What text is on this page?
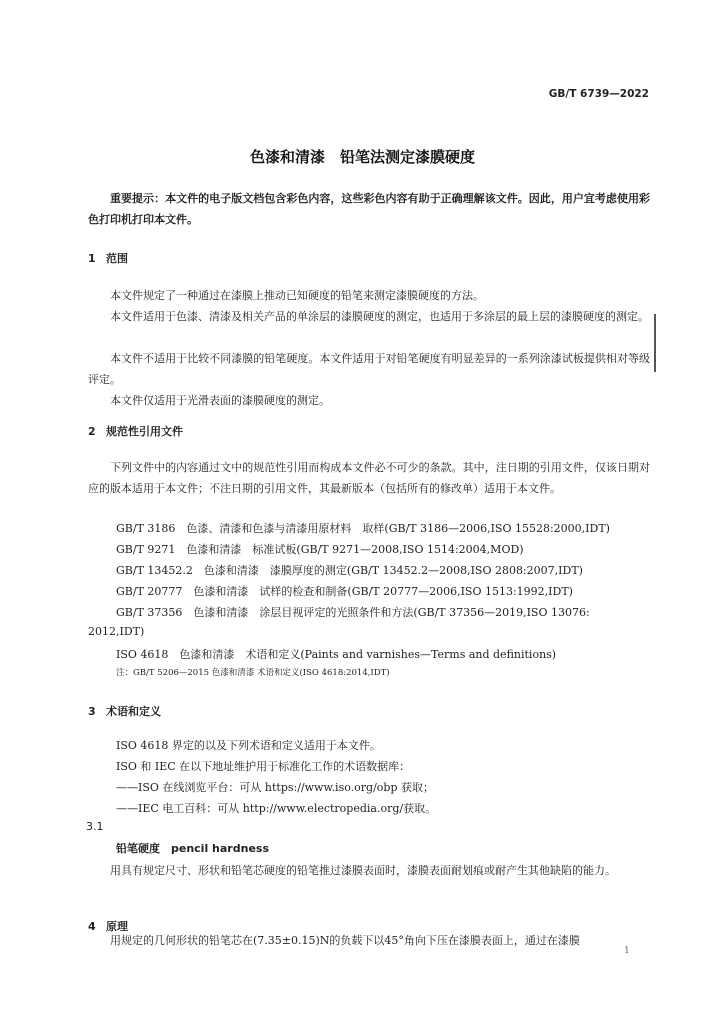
GB/T 6739—2022
色漆和清漆　铅笔法测定漆膜硬度
重要提示：本文件的电子版文档包含彩色内容，这些彩色内容有助于正确理解该文件。因此，用户宜考虑使用彩色打印机打印本文件。
1 范围
本文件规定了一种通过在漆膜上推动已知硬度的铅笔来测定漆膜硬度的方法。
本文件适用于色漆、清漆及相关产品的单涂层的漆膜硬度的测定，也适用于多涂层的最上层的漆膜硬度的测定。
本文件不适用于比较不同漆膜的铅笔硬度。本文件适用于对铅笔硬度有明显差异的一系列涂漆试板提供相对等级评定。
本文件仅适用于光滑表面的漆膜硬度的测定。
2 规范性引用文件
下列文件中的内容通过文中的规范性引用而构成本文件必不可少的条款。其中，注日期的引用文件，仅该日期对应的版本适用于本文件；不注日期的引用文件，其最新版本（包括所有的修改单）适用于本文件。
GB/T 3186　色漆、清漆和色漆与清漆用原材料　取样(GB/T 3186—2006,ISO 15528:2000,IDT)
GB/T 9271　色漆和清漆　标准试板(GB/T 9271—2008,ISO 1514:2004,MOD)
GB/T 13452.2　色漆和清漆　漆膜厚度的测定(GB/T 13452.2—2008,ISO 2808:2007,IDT)
GB/T 20777　色漆和清漆　试样的检查和制备(GB/T 20777—2006,ISO 1513:1992,IDT)
GB/T 37356　色漆和清漆　涂层目视评定的光照条件和方法(GB/T 37356—2019,ISO 13076:
2012,IDT)
ISO 4618　色漆和清漆　术语和定义(Paints and varnishes—Terms and definitions)
注：GB/T 5206—2015 色漆和清漆 术语和定义(ISO 4618:2014,IDT)
3 术语和定义
ISO 4618 界定的以及下列术语和定义适用于本文件。
ISO 和 IEC 在以下地址维护用于标准化工作的术语数据库：
——ISO 在线浏览平台：可从 https://www.iso.org/obp 获取；
——IEC 电工百科：可从 http://www.electropedia.org/获取。
3.1
铅笔硬度　pencil hardness
用具有规定尺寸、形状和铅笔芯硬度的铅笔推过漆膜表面时，漆膜表面耐划痕或耐产生其他缺陷的能力。
4 原理
用规定的几何形状的铅笔芯在(7.35±0.15)N的负载下以45°角向下压在漆膜表面上，通过在漆膜
1
